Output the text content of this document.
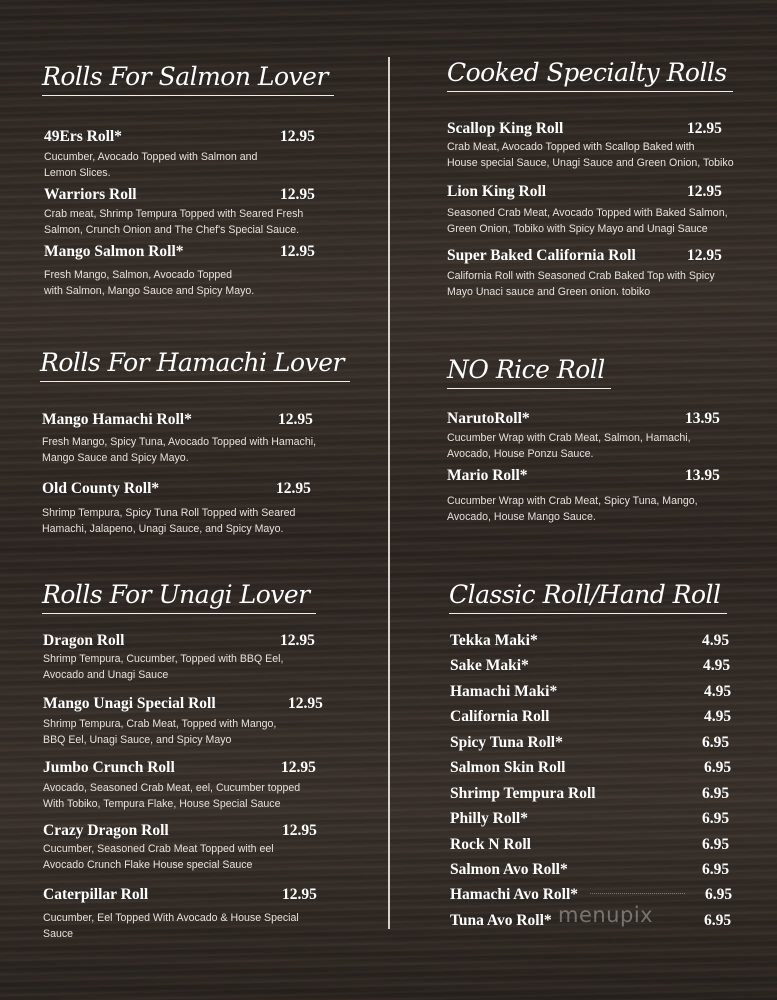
Rolls For Salmon Lover
49Ers Roll*	12.95
Cucumber, Avocado Topped with Salmon and
Lemon Slices.
Warriors Roll	12.95
Crab meat, Shrimp Tempura Topped with Seared Fresh
Salmon, Crunch Onion and The Chef's Special Sauce.
Mango Salmon Roll*	12.95
Fresh Mango, Salmon, Avocado Topped
with Salmon, Mango Sauce and Spicy Mayo.
Rolls For Hamachi Lover
Mango Hamachi Roll*	12.95
Fresh Mango, Spicy Tuna, Avocado Topped with Hamachi,
Mango Sauce and Spicy Mayo.
Old County Roll*	12.95
Shrimp Tempura, Spicy Tuna Roll Topped with Seared
Hamachi, Jalapeno, Unagi Sauce, and Spicy Mayo.
Rolls For Unagi Lover
Dragon Roll	12.95
Shrimp Tempura, Cucumber, Topped with BBQ Eel,
Avocado and Unagi Sauce
Mango Unagi Special Roll	12.95
Shrimp Tempura, Crab Meat, Topped with Mango,
BBQ Eel, Unagi Sauce, and Spicy Mayo
Jumbo Crunch Roll	12.95
Avocado, Seasoned Crab Meat, eel, Cucumber topped
With Tobiko, Tempura Flake, House Special Sauce
Crazy Dragon Roll	12.95
Cucumber, Seasoned Crab Meat Topped with eel
Avocado Crunch Flake House special Sauce
Caterpillar Roll	12.95
Cucumber, Eel Topped With Avocado & House Special
Sauce
Cooked Specialty Rolls
Scallop King Roll	12.95
Crab Meat, Avocado Topped with Scallop Baked with
House special Sauce, Unagi Sauce and Green Onion, Tobiko
Lion King Roll	12.95
Seasoned Crab Meat, Avocado Topped with Baked Salmon,
Green Onion, Tobiko with Spicy Mayo and Unagi Sauce
Super Baked California Roll	12.95
California Roll with Seasoned Crab Baked Top with Spicy
Mayo Unaci sauce and Green onion. tobiko
NO Rice Roll
NarutoRoll*	13.95
Cucumber Wrap with Crab Meat, Salmon, Hamachi,
Avocado, House Ponzu Sauce.
Mario Roll*	13.95
Cucumber Wrap with Crab Meat, Spicy Tuna, Mango,
Avocado, House Mango Sauce.
Classic Roll/Hand Roll
Tekka Maki*	4.95
Sake Maki*	4.95
Hamachi Maki*	4.95
California Roll	4.95
Spicy Tuna Roll*	6.95
Salmon Skin Roll	6.95
Shrimp Tempura Roll	6.95
Philly Roll*	6.95
Rock N Roll	6.95
Salmon Avo Roll*	6.95
Hamachi Avo Roll*	6.95
Tuna Avo Roll*	6.95
menupix
